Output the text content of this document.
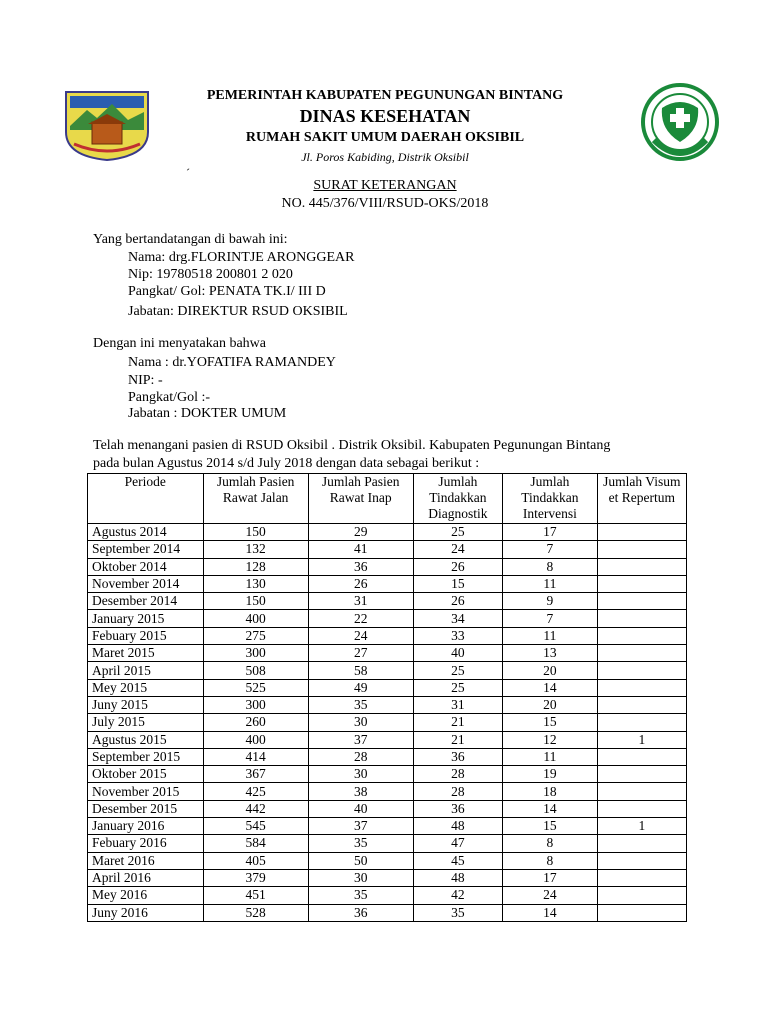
PEMERINTAH KABUPATEN PEGUNUNGAN BINTANG
DINAS KESEHATAN
RUMAH SAKIT UMUM DAERAH OKSIBIL
Jl. Poros Kabiding, Distrik Oksibil
´
SURAT KETERANGAN
NO. 445/376/VIII/RSUD-OKS/2018
Yang bertandatangan di bawah ini:
Nama: drg.FLORINTJE ARONGGEAR
Nip: 19780518 200801 2 020
Pangkat/ Gol: PENATA TK.I/ III D
Jabatan: DIREKTUR RSUD OKSIBIL
Dengan ini menyatakan bahwa
Nama : dr.YOFATIFA RAMANDEY
NIP: -
Pangkat/Gol :-
Jabatan : DOKTER UMUM
Telah menangani pasien di RSUD Oksibil . Distrik Oksibil. Kabupaten Pegunungan Bintang
pada bulan Agustus 2014 s/d July 2018 dengan data sebagai berikut :
Periode	Jumlah Pasien Rawat Jalan	Jumlah Pasien Rawat Inap	Jumlah Tindakkan Diagnostik	Jumlah Tindakkan Intervensi	Jumlah Visum et Repertum
Agustus 2014	150	29	25	17	
September 2014	132	41	24	7	
Oktober 2014	128	36	26	8	
November 2014	130	26	15	11	
Desember 2014	150	31	26	9	
January 2015	400	22	34	7	
Febuary 2015	275	24	33	11	
Maret 2015	300	27	40	13	
April 2015	508	58	25	20	
Mey 2015	525	49	25	14	
Juny 2015	300	35	31	20	
July 2015	260	30	21	15	
Agustus 2015	400	37	21	12	1
September 2015	414	28	36	11	
Oktober 2015	367	30	28	19	
November 2015	425	38	28	18	
Desember 2015	442	40	36	14	
January 2016	545	37	48	15	1
Febuary 2016	584	35	47	8	
Maret 2016	405	50	45	8	
April 2016	379	30	48	17	
Mey 2016	451	35	42	24	
Juny 2016	528	36	35	14	
